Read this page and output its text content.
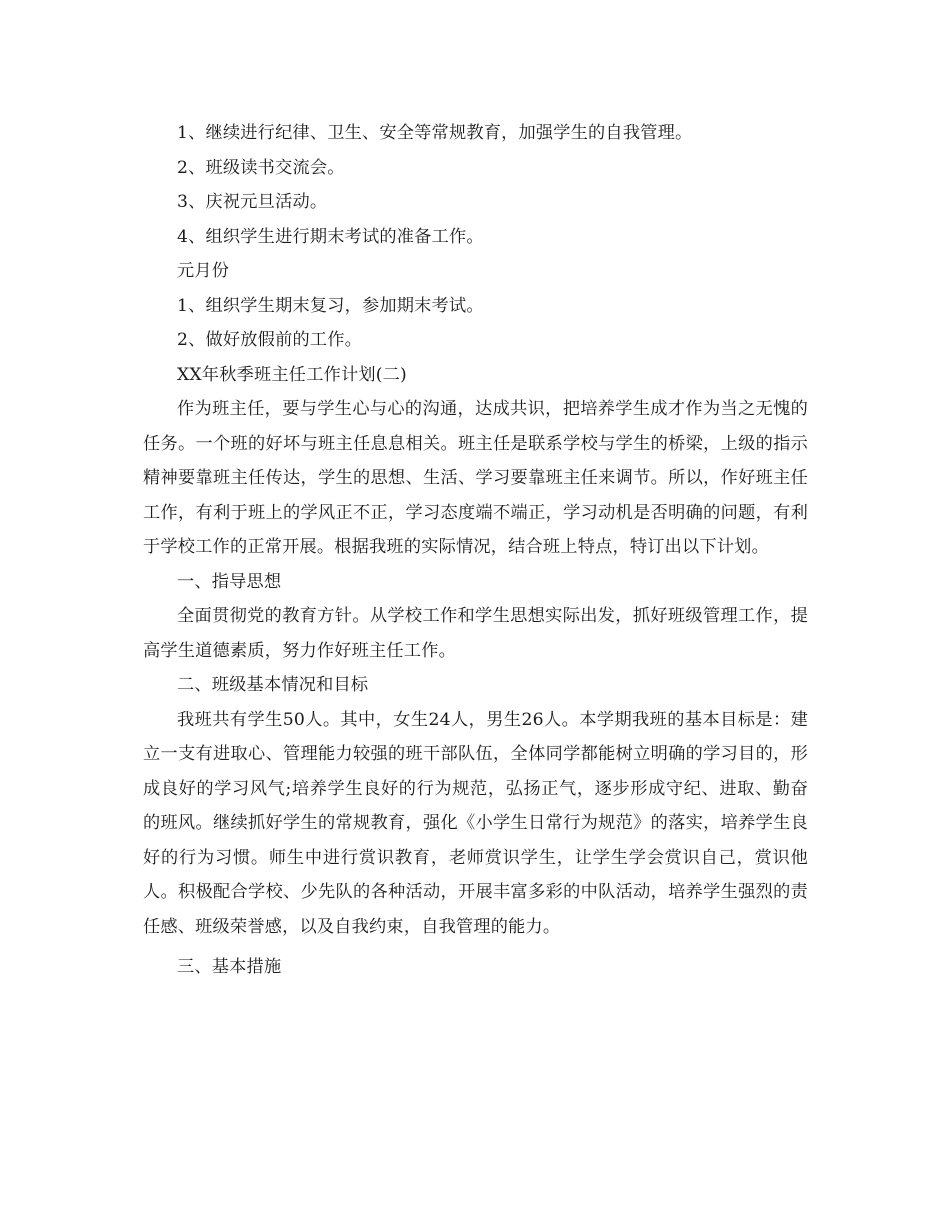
1、继续进行纪律、卫生、安全等常规教育，加强学生的自我管理。

2、班级读书交流会。

3、庆祝元旦活动。

4、组织学生进行期末考试的准备工作。

元月份

1、组织学生期末复习，参加期末考试。

2、做好放假前的工作。

XX年秋季班主任工作计划(二)

作为班主任，要与学生心与心的沟通，达成共识，把培养学生成才作为当之无愧的任务。一个班的好坏与班主任息息相关。班主任是联系学校与学生的桥梁，上级的指示精神要靠班主任传达，学生的思想、生活、学习要靠班主任来调节。所以，作好班主任工作，有利于班上的学风正不正，学习态度端不端正，学习动机是否明确的问题，有利于学校工作的正常开展。根据我班的实际情况，结合班上特点，特订出以下计划。

一、指导思想

全面贯彻党的教育方针。从学校工作和学生思想实际出发，抓好班级管理工作，提高学生道德素质，努力作好班主任工作。

二、班级基本情况和目标

我班共有学生50人。其中，女生24人，男生26人。本学期我班的基本目标是：建立一支有进取心、管理能力较强的班干部队伍，全体同学都能树立明确的学习目的，形成良好的学习风气;培养学生良好的行为规范，弘扬正气，逐步形成守纪、进取、勤奋的班风。继续抓好学生的常规教育，强化《小学生日常行为规范》的落实，培养学生良好的行为习惯。师生中进行赏识教育，老师赏识学生，让学生学会赏识自己，赏识他人。积极配合学校、少先队的各种活动，开展丰富多彩的中队活动，培养学生强烈的责任感、班级荣誉感，以及自我约束，自我管理的能力。

三、基本措施
